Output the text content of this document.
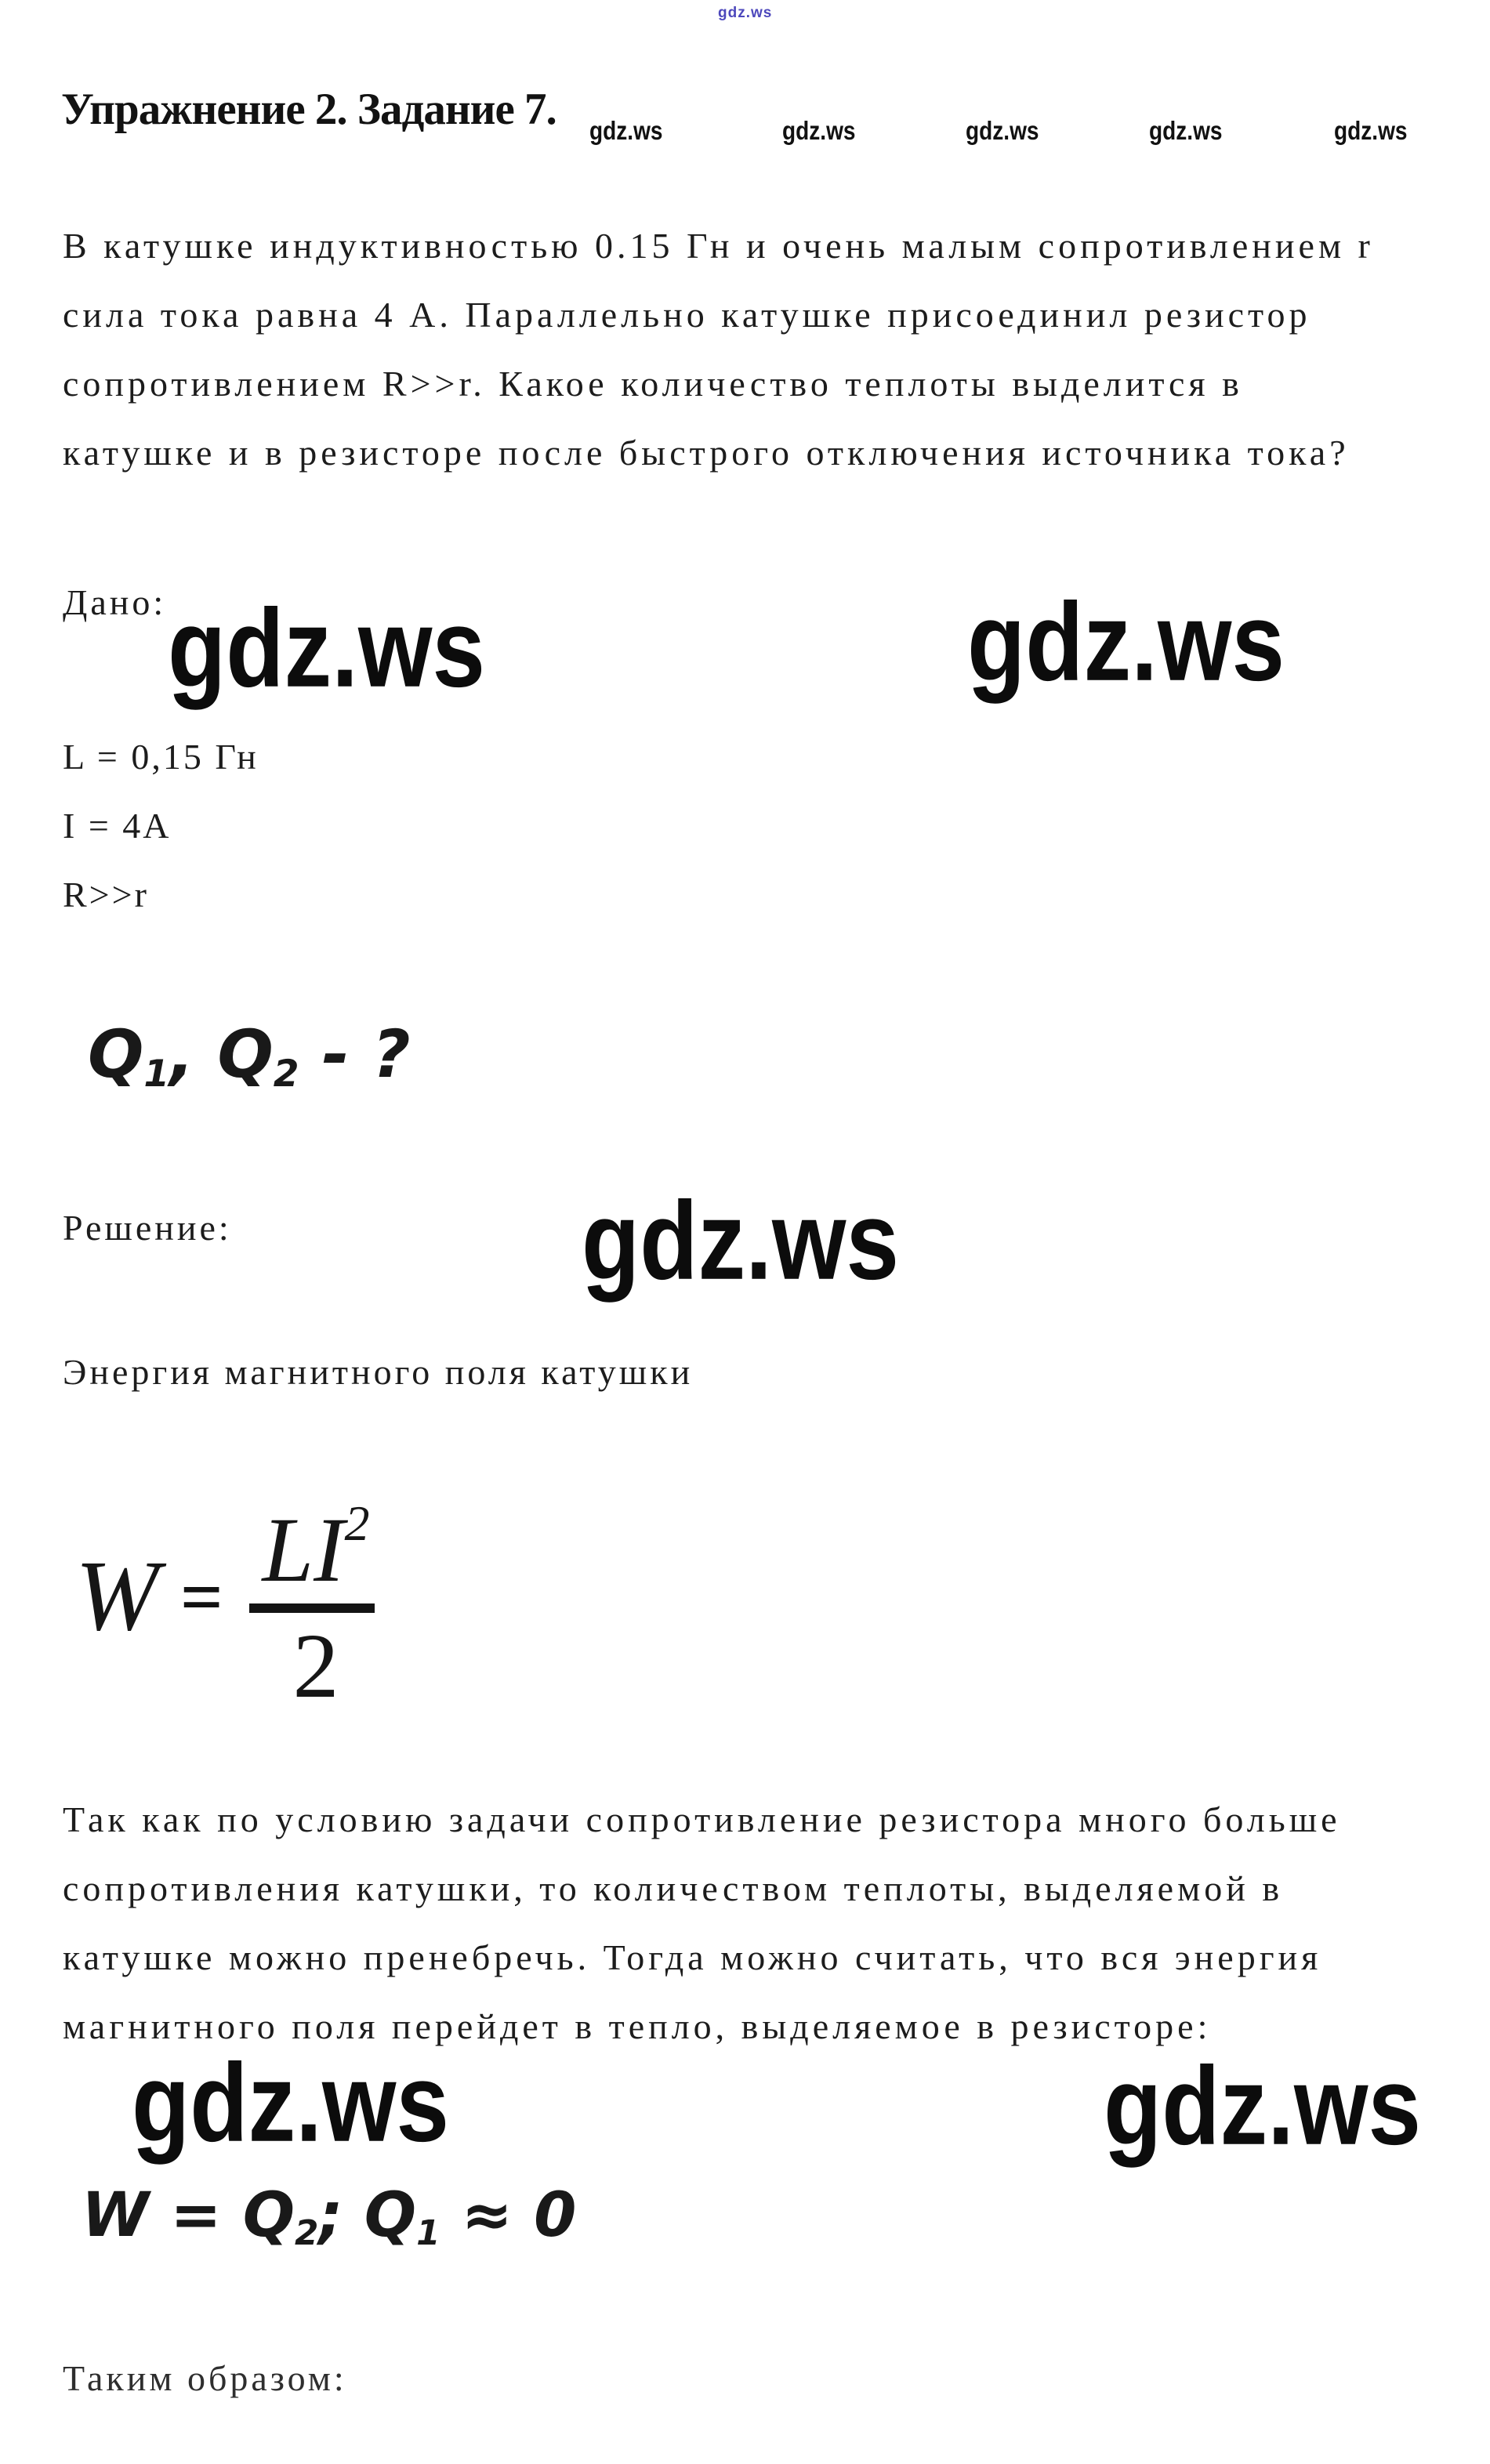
gdz.ws
Упражнение 2. Задание 7. gdz.ws	gdz.ws	gdz.ws	gdz.ws	gdz.ws
В катушке индуктивностью 0.15 Гн и очень малым сопротивлением r
сила тока равна 4 А. Параллельно катушке присоединил резистор
сопротивлением R>>r. Какое количество теплоты выделится в
катушке и в резисторе после быстрого отключения источника тока?
Дано: gdz.ws	gdz.ws
L = 0,15 Гн
I = 4А
R>>r
$Q_1$, $Q_2$ - ?
Решение:	gdz.ws
Энергия магнитного поля катушки
$W = LI^2$
2
Так как по условию задачи сопротивление резистора много больше
сопротивления катушки, то количеством теплоты, выделяемой в
катушке можно пренебречь. Тогда можно считать, что вся энергия
магнитного поля перейдет в тепло, выделяемое в резисторе:
gdz.ws	gdz.ws
$W = Q_2$; $Q_1 \approx 0$
Таким образом:
